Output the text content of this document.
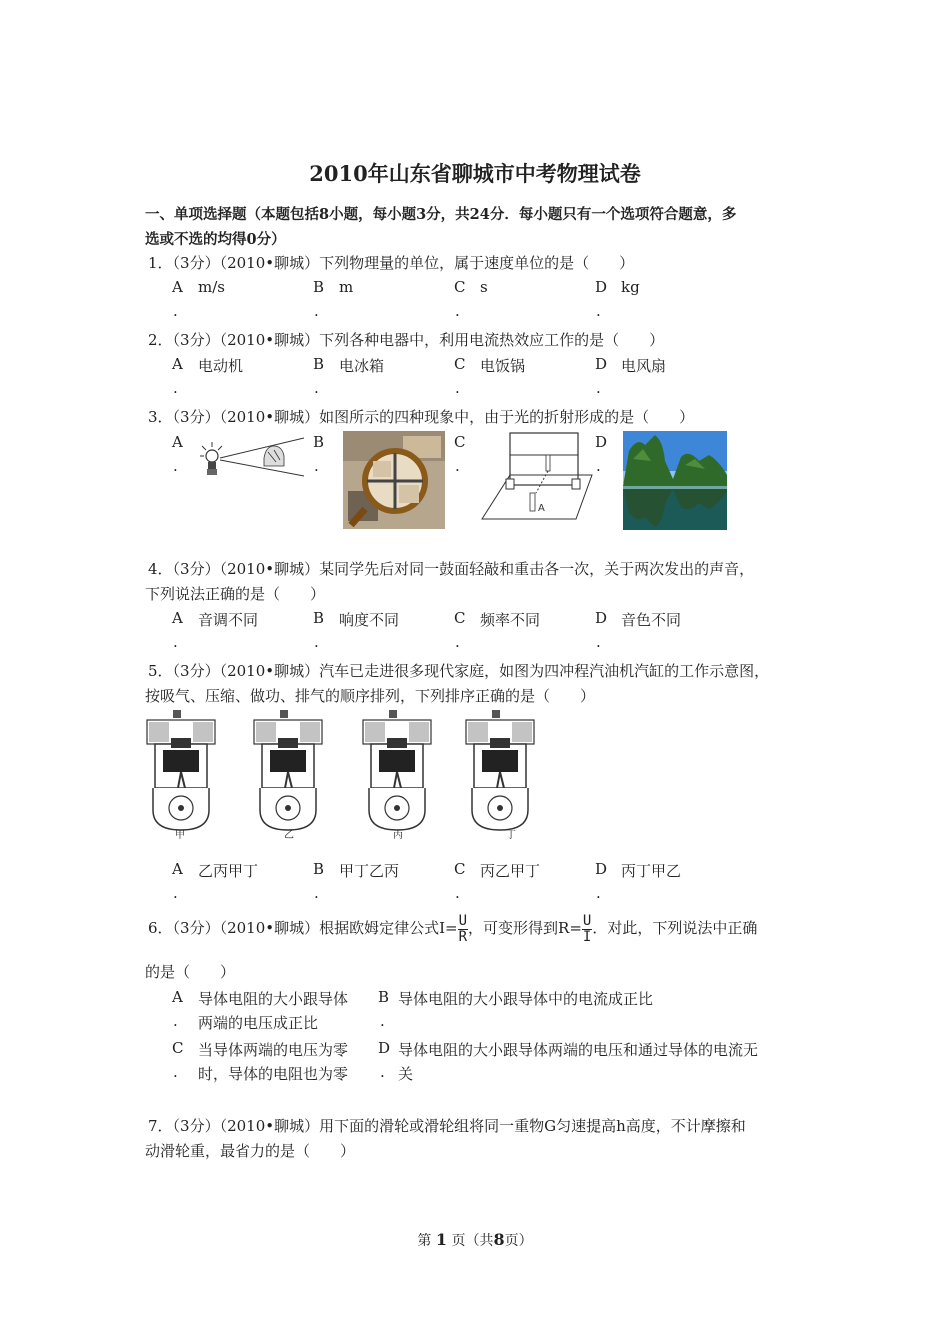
2010年山东省聊城市中考物理试卷
一、单项选择题（本题包括8小题，每小题3分，共24分．每小题只有一个选项符合题意，多
选或不选的均得0分）
1．（3分）（2010•聊城）下列物理量的单位，属于速度单位的是（　　）
A m/s	B m	C s	D kg
.	.	.	.
2．（3分）（2010•聊城）下列各种电器中，利用电流热效应工作的是（　　）
A 电动机	B 电冰箱	C 电饭锅	D 电风扇
.	.	.	.
3．（3分）（2010•聊城）如图所示的四种现象中，由于光的折射形成的是（　　）
A	B	C	D
.	.	.	.
A
4．（3分）（2010•聊城）某同学先后对同一鼓面轻敲和重击各一次，关于两次发出的声音，
下列说法正确的是（　　）
A 音调不同	B 响度不同	C 频率不同	D 音色不同
.	.	.	.
5．（3分）（2010•聊城）汽车已走进很多现代家庭，如图为四冲程汽油机汽缸的工作示意图，
按吸气、压缩、做功、排气的顺序排列，下列排序正确的是（　　）
甲	乙	丙	丁
A 乙丙甲丁	B 甲丁乙丙	C 丙乙甲丁	D 丙丁甲乙
.	.	.	.
6．（3分）（2010•聊城）根据欧姆定律公式$I= \frac{U}{R}$ ，可变形得到$R= \frac{U}{I}$ ．对此，下列说法中正确
的是（　　）
A 导体电阻的大小跟导体
. 两端的电压成正比
B 导体电阻的大小跟导体中的电流成正比
.
C 当导体两端的电压为零
. 时，导体的电阻也为零
D 导体电阻的大小跟导体两端的电压和通过导体的电流无
. 关
7．（3分）（2010•聊城）用下面的滑轮或滑轮组将同一重物G匀速提高h高度，不计摩擦和
动滑轮重，最省力的是（　　）
第 1 页（共8页）
